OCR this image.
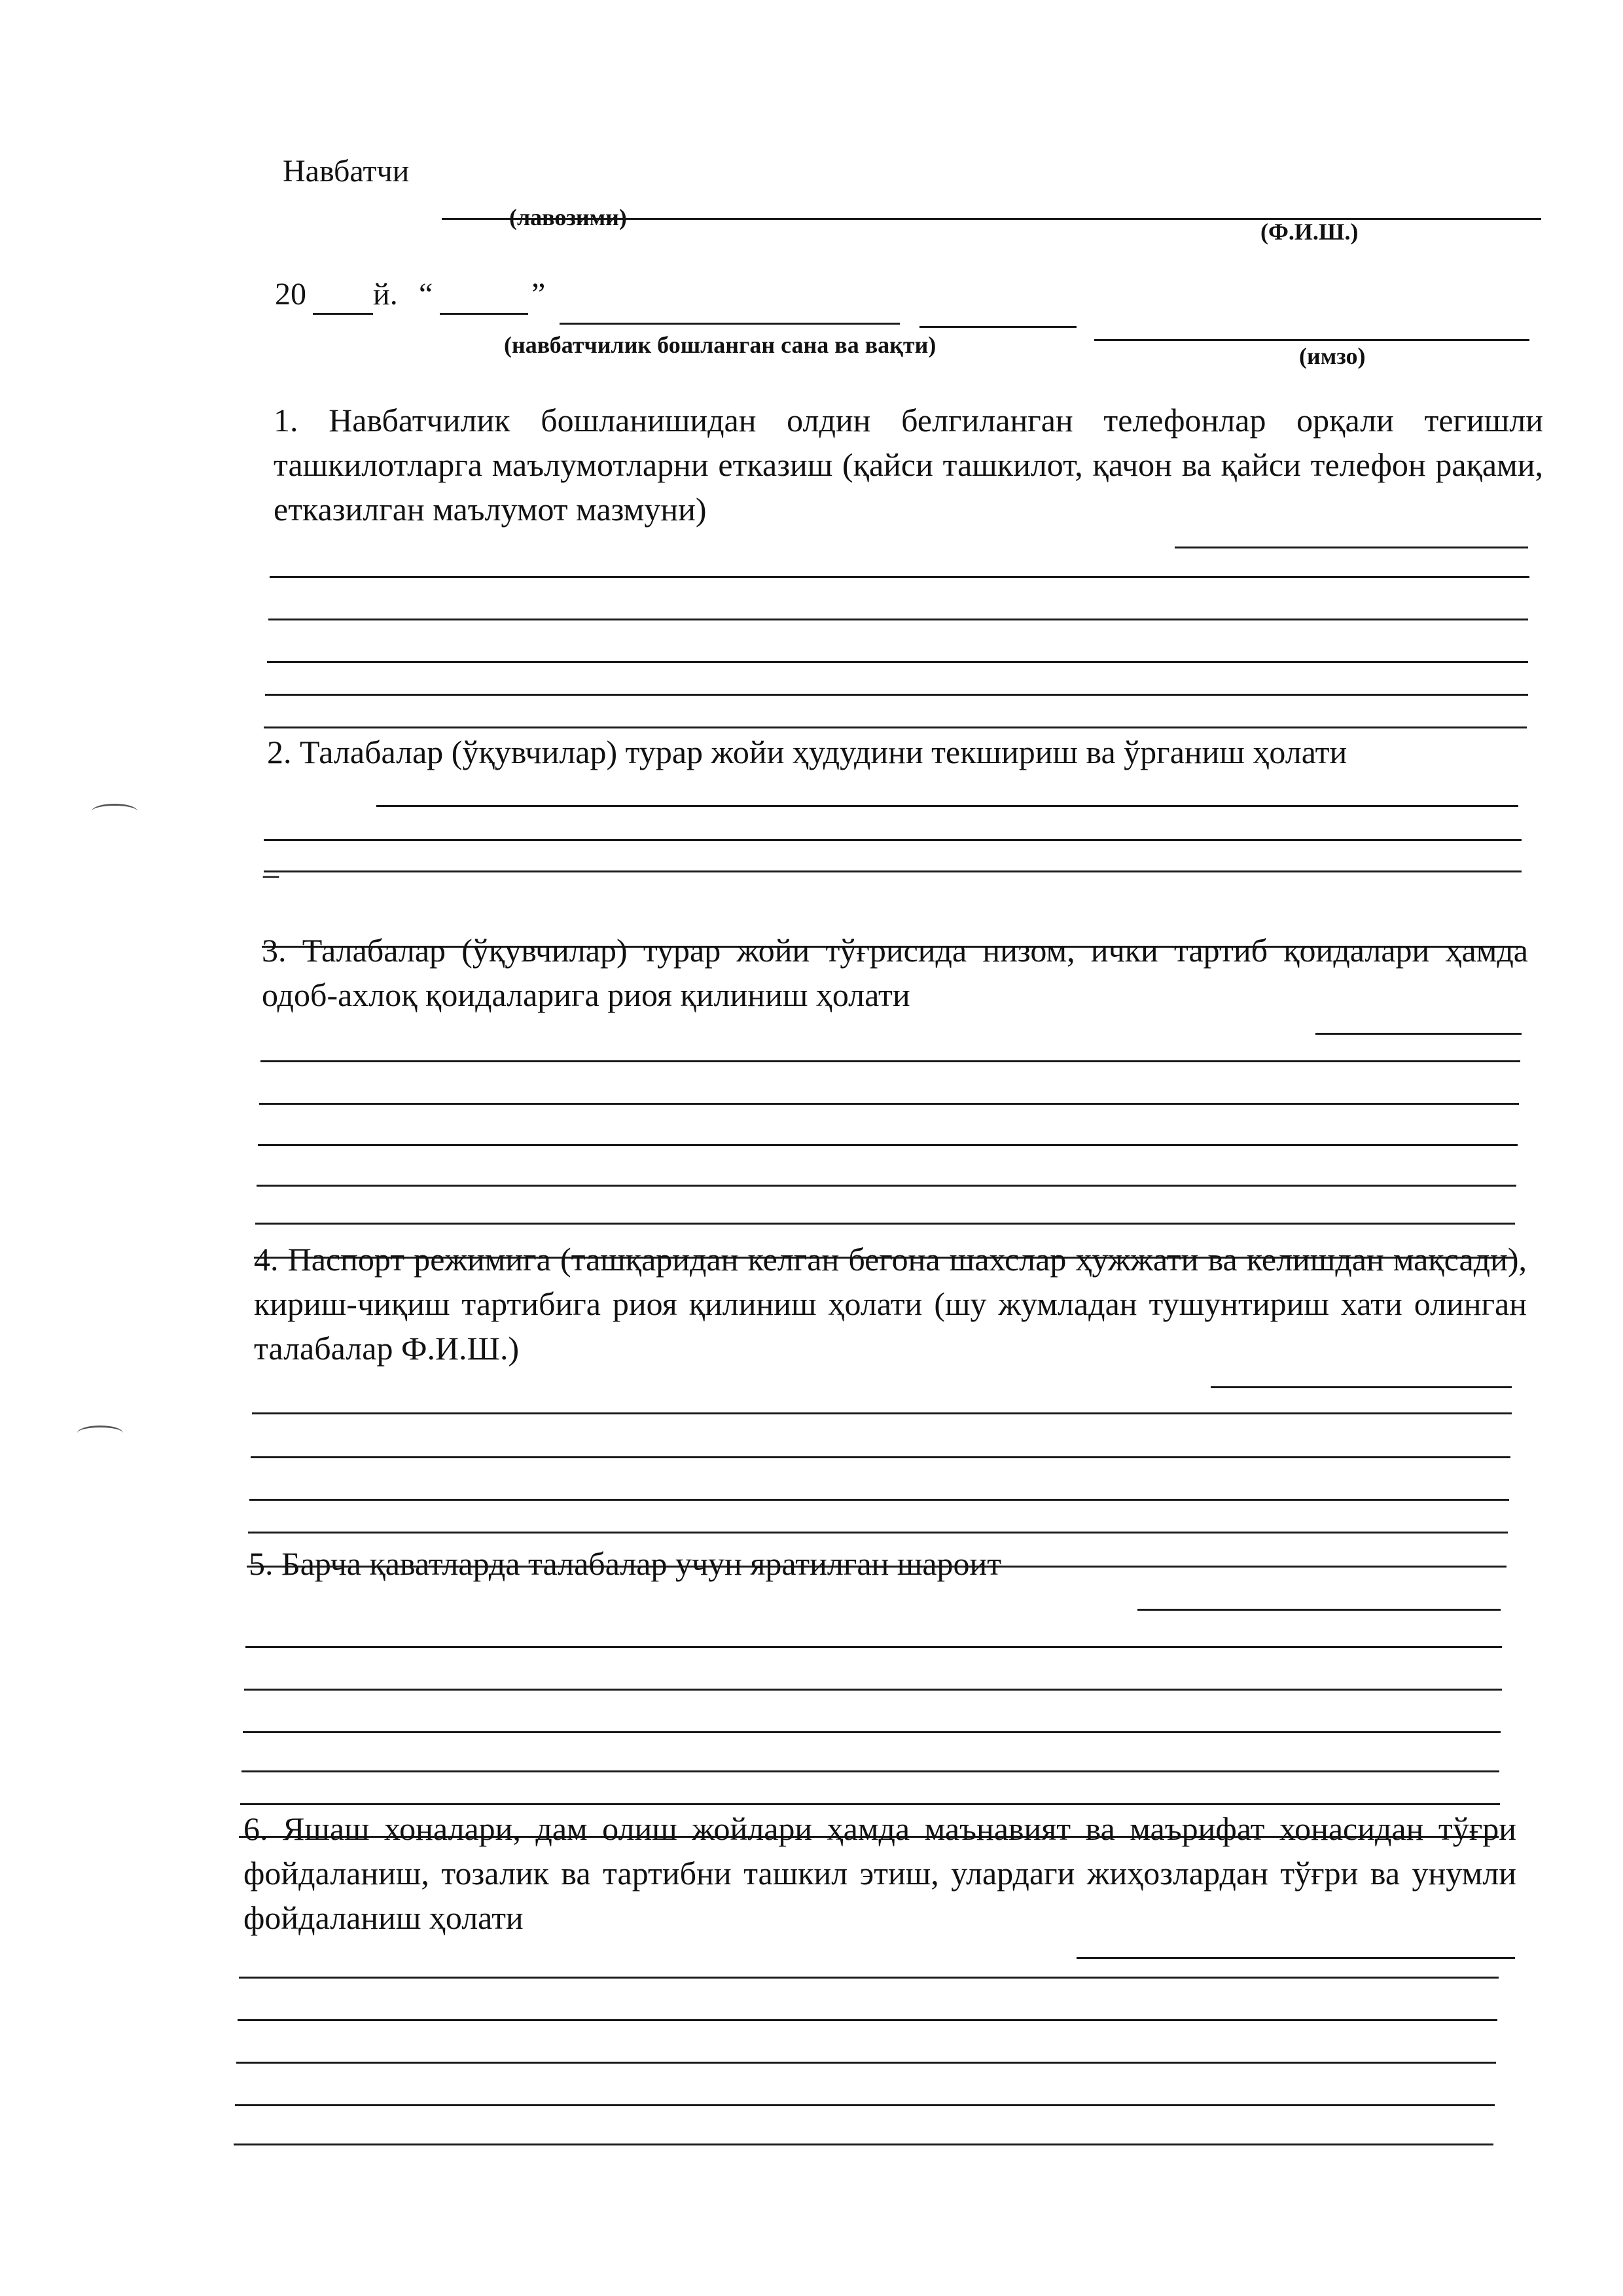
Навбатчи
(лавозими)
(Ф.И.Ш.)
20 й. “	”
(навбатчилик бошланган сана ва вақти)	(имзо)
1. Навбатчилик бошланишидан олдин белгиланган телефонлар орқали тегишли ташкилотларга маълумотларни етказиш (қайси ташкилот, қачон ва қайси телефон рақами, етказилган маълумот мазмуни)
2. Талабалар (ўқувчилар) турар жойи ҳудудини текшириш ва ўрганиш ҳолати
_
3. Талабалар (ўқувчилар) турар жойи тўғрисида низом, ички тартиб қоидалари ҳамда одоб-ахлоқ қоидаларига риоя қилиниш ҳолати
4. Паспорт режимига (ташқаридан келган бегона шахслар ҳужжати ва келишдан мақсади), кириш-чиқиш тартибига риоя қилиниш ҳолати (шу жумладан тушунтириш хати олинган талабалар Ф.И.Ш.)
5. Барча қаватларда талабалар учун яратилган шароит
6. Яшаш хоналари, дам олиш жойлари ҳамда маънавият ва маърифат хонасидан тўғри фойдаланиш, тозалик ва тартибни ташкил этиш, улардаги жиҳозлардан тўғри ва унумли фойдаланиш ҳолати
